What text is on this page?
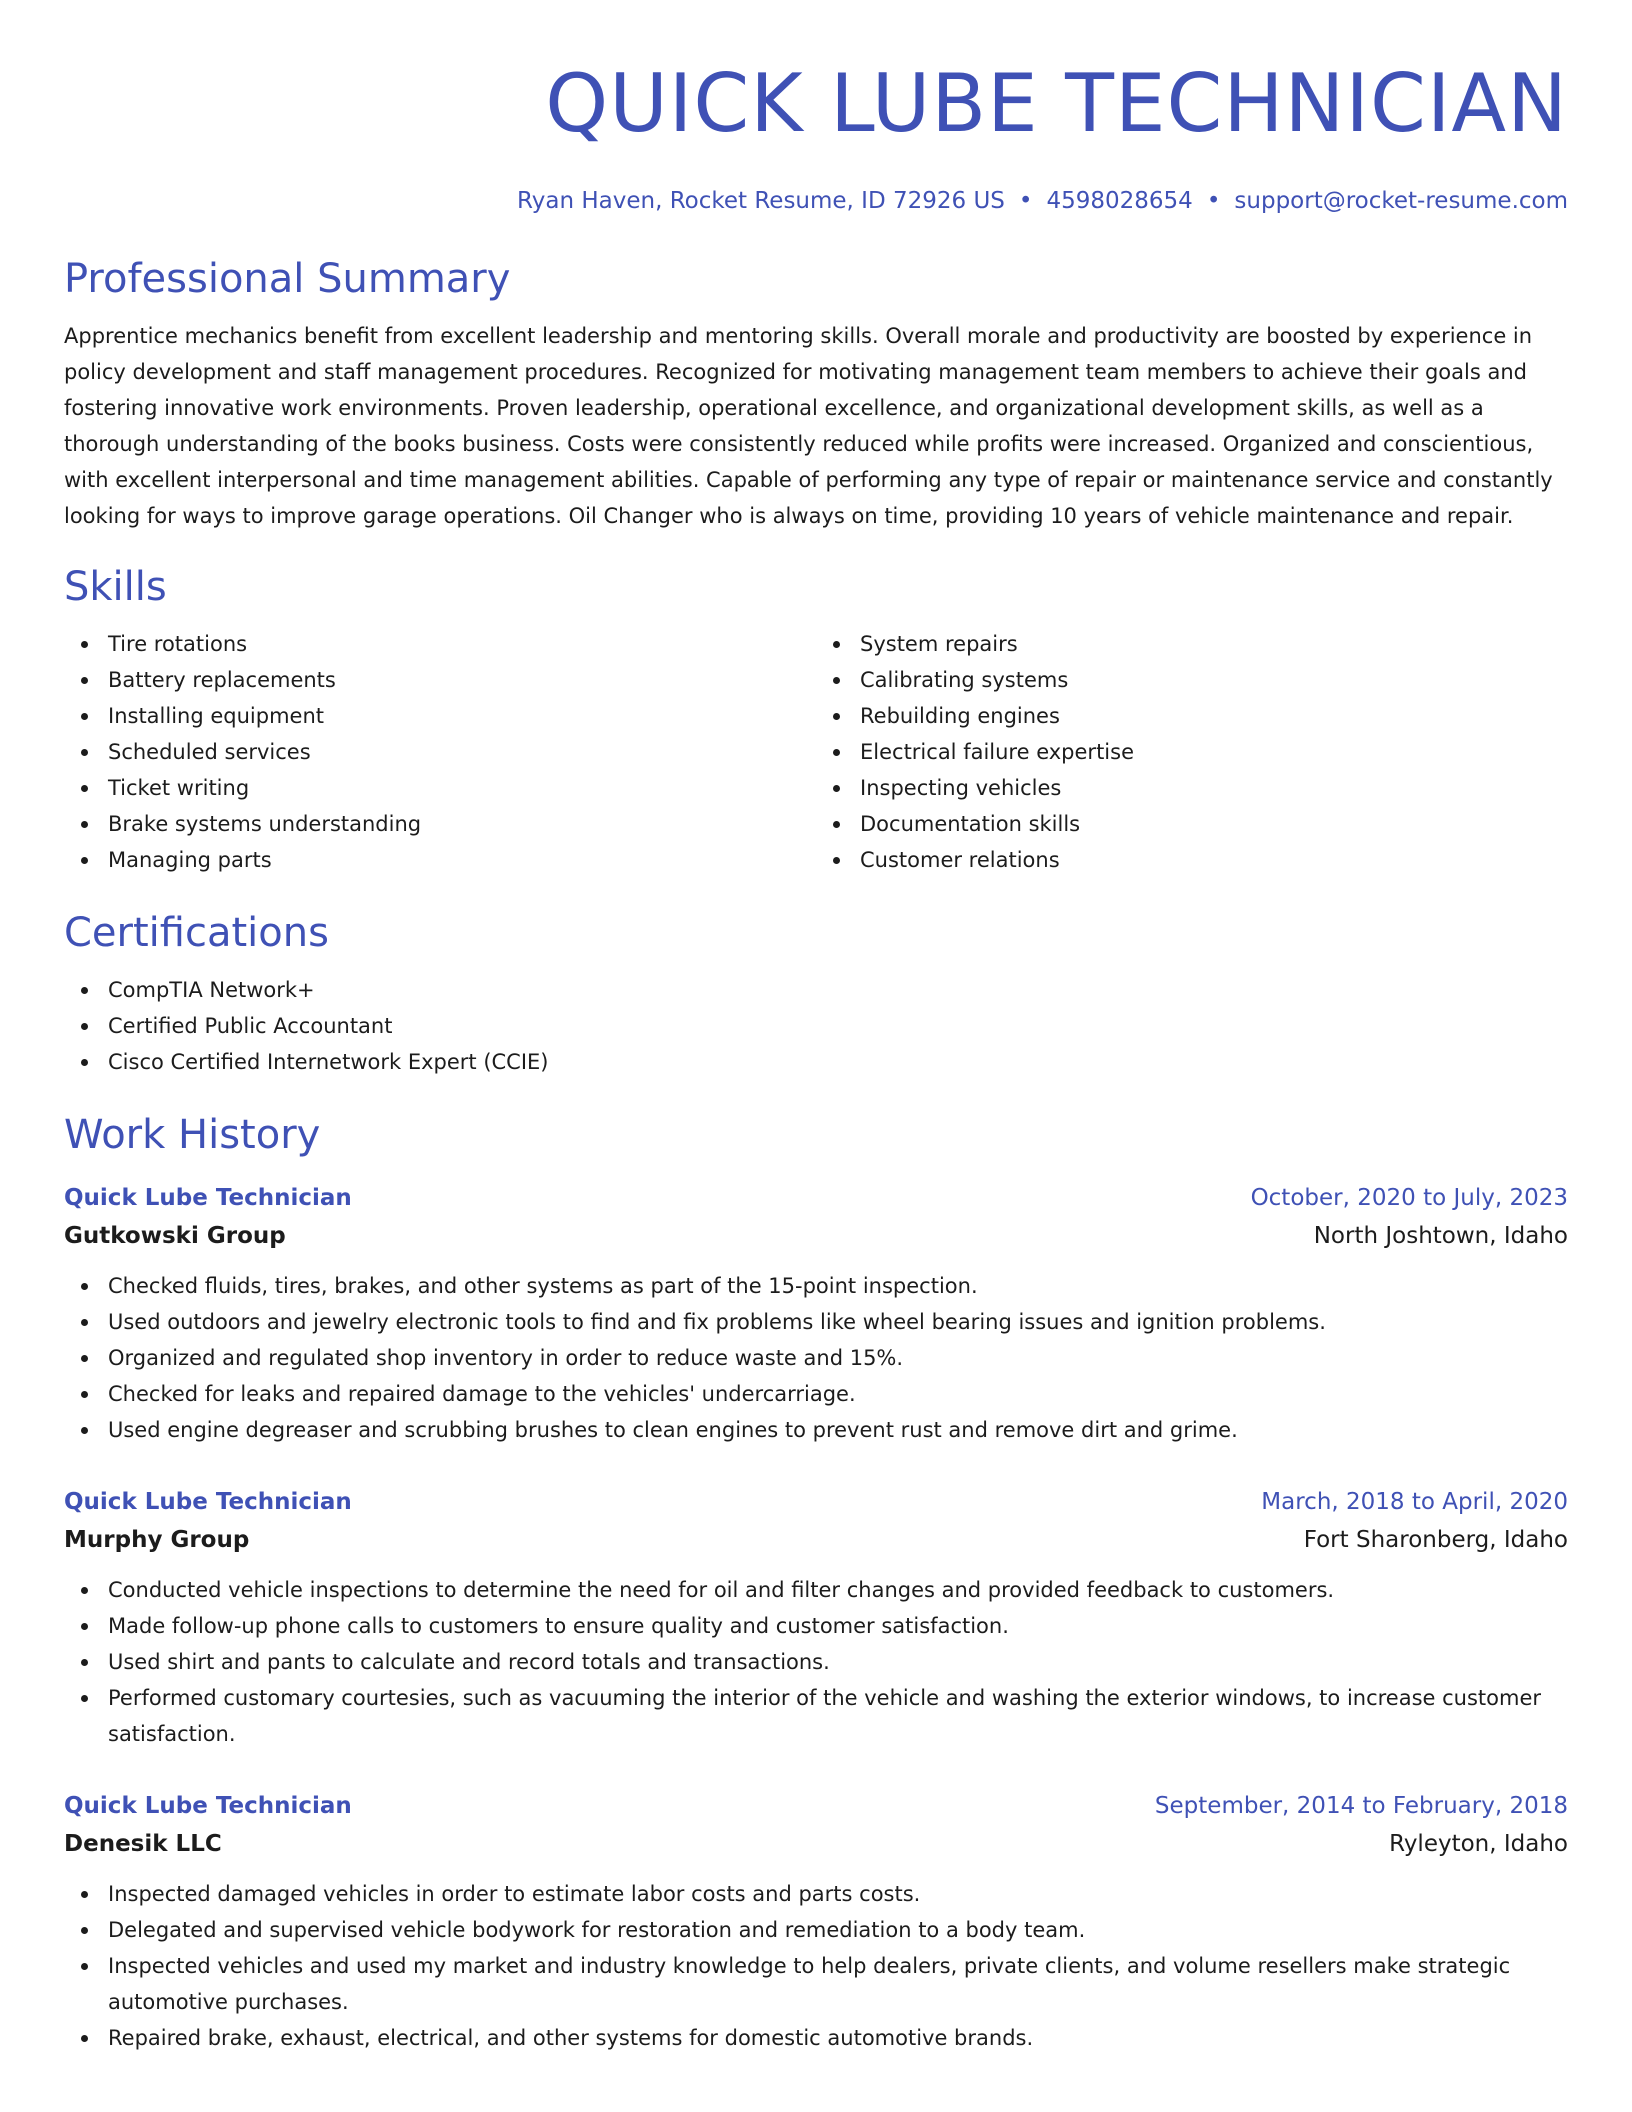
QUICK LUBE TECHNICIAN
Ryan Haven, Rocket Resume, ID 72926 US • 4598028654 • support@rocket-resume.com
Professional Summary

Apprentice mechanics benefit from excellent leadership and mentoring skills. Overall morale and productivity are boosted by experience in policy development and staff management procedures. Recognized for motivating management team members to achieve their goals and fostering innovative work environments. Proven leadership, operational excellence, and organizational development skills, as well as a thorough understanding of the books business. Costs were consistently reduced while profits were increased. Organized and conscientious, with excellent interpersonal and time management abilities. Capable of performing any type of repair or maintenance service and constantly looking for ways to improve garage operations. Oil Changer who is always on time, providing 10 years of vehicle maintenance and repair.

Skills
Tire rotations
Battery replacements
Installing equipment
Scheduled services
Ticket writing
Brake systems understanding
Managing parts
System repairs
Calibrating systems
Rebuilding engines
Electrical failure expertise
Inspecting vehicles
Documentation skills
Customer relations
Certifications
CompTIA Network+
Certified Public Accountant
Cisco Certified Internetwork Expert (CCIE)
Work History
Quick Lube Technician	October, 2020 to July, 2023
Gutkowski Group	North Joshtown, Idaho
Checked fluids, tires, brakes, and other systems as part of the 15-point inspection.
Used outdoors and jewelry electronic tools to find and fix problems like wheel bearing issues and ignition problems.
Organized and regulated shop inventory in order to reduce waste and 15%.
Checked for leaks and repaired damage to the vehicles' undercarriage.
Used engine degreaser and scrubbing brushes to clean engines to prevent rust and remove dirt and grime.
Quick Lube Technician	March, 2018 to April, 2020
Murphy Group	Fort Sharonberg, Idaho
Conducted vehicle inspections to determine the need for oil and filter changes and provided feedback to customers.
Made follow-up phone calls to customers to ensure quality and customer satisfaction.
Used shirt and pants to calculate and record totals and transactions.
Performed customary courtesies, such as vacuuming the interior of the vehicle and washing the exterior windows, to increase customer satisfaction.
Quick Lube Technician	September, 2014 to February, 2018
Denesik LLC	Ryleyton, Idaho
Inspected damaged vehicles in order to estimate labor costs and parts costs.
Delegated and supervised vehicle bodywork for restoration and remediation to a body team.
Inspected vehicles and used my market and industry knowledge to help dealers, private clients, and volume resellers make strategic automotive purchases.
Repaired brake, exhaust, electrical, and other systems for domestic automotive brands.
